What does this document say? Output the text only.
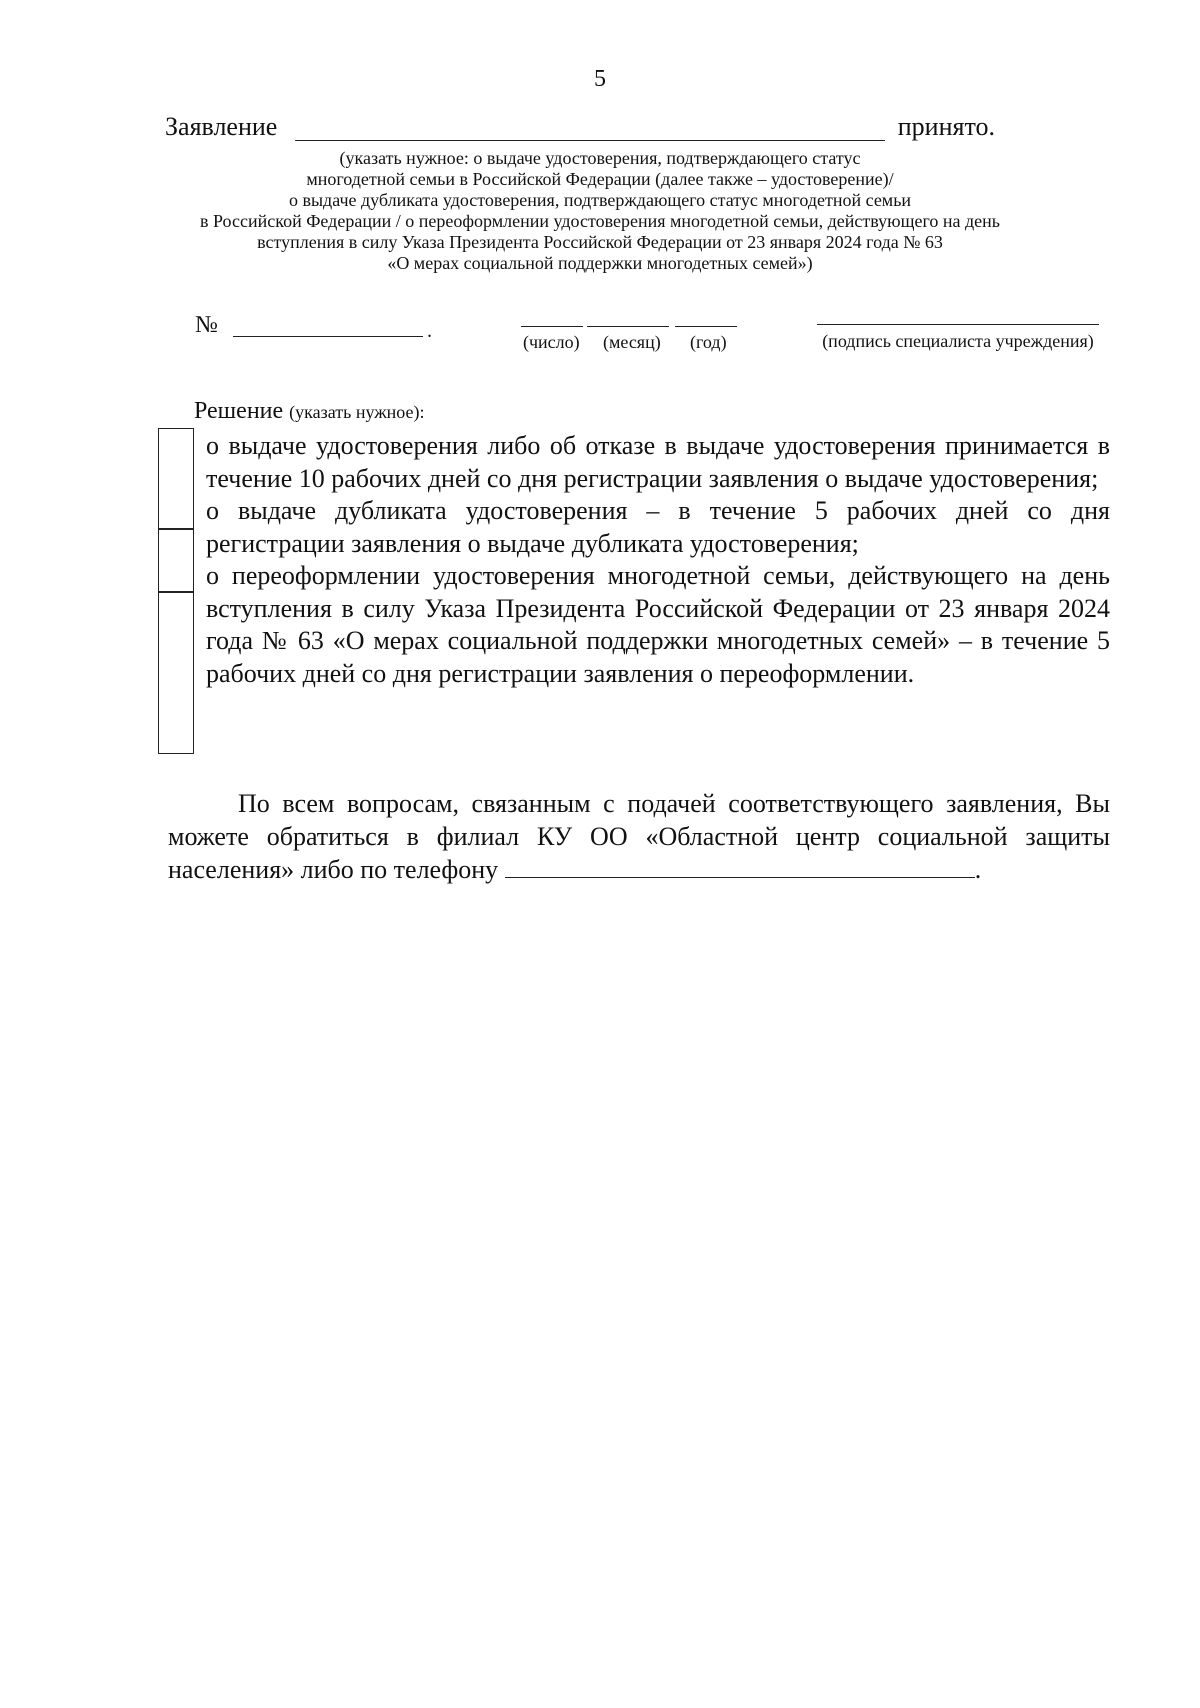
5
Заявление	принято.
(указать нужное: о выдаче удостоверения, подтверждающего статус
многодетной семьи в Российской Федерации (далее также – удостоверение)/
о выдаче дубликата удостоверения, подтверждающего статус многодетной семьи
в Российской Федерации / о переоформлении удостоверения многодетной семьи, действующего на день
вступления в силу Указа Президента Российской Федерации от 23 января 2024 года № 63
«О мерах социальной поддержки многодетных семей»)
№	.	(число) (месяц) (год)	(подпись специалиста учреждения)
Решение (указать нужное):
о выдаче удостоверения либо об отказе в выдаче удостоверения принимается в течение 10 рабочих дней со дня регистрации заявления о выдаче удостоверения;
о выдаче дубликата удостоверения – в течение 5 рабочих дней со дня регистрации заявления о выдаче дубликата удостоверения;
о переоформлении удостоверения многодетной семьи, действующего на день вступления в силу Указа Президента Российской Федерации от 23 января 2024 года № 63 «О мерах социальной поддержки многодетных семей» – в течение 5 рабочих дней со дня регистрации заявления о переоформлении.
По всем вопросам, связанным с подачей соответствующего заявления, Вы можете обратиться в филиал КУ ОО «Областной центр социальной защиты населения» либо по телефону	.
